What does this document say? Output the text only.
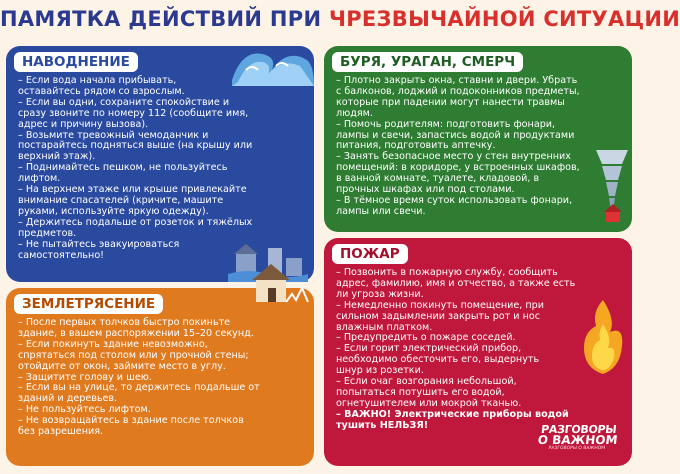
ПАМЯТКА ДЕЙСТВИЙ ПРИ ЧРЕЗВЫЧАЙНОЙ СИТУАЦИИ
НАВОДНЕНИЕ
– Если вода начала прибывать,
оставайтесь рядом со взрослым.
– Если вы одни, сохраните спокойствие и
сразу звоните по номеру 112 (сообщите имя,
адрес и причину вызова).
– Возьмите тревожный чемоданчик и
постарайтесь подняться выше (на крышу или
верхний этаж).
– Поднимайтесь пешком, не пользуйтесь
лифтом.
– На верхнем этаже или крыше привлекайте
внимание спасателей (кричите, машите
руками, используйте яркую одежду).
– Держитесь подальше от розеток и тяжёлых
предметов.
– Не пытайтесь эвакуироваться
самостоятельно!
БУРЯ, УРАГАН, СМЕРЧ
– Плотно закрыть окна, ставни и двери. Убрать
с балконов, лоджий и подоконников предметы,
которые при падении могут нанести травмы
людям.
– Помочь родителям: подготовить фонари,
лампы и свечи, запастись водой и продуктами
питания, подготовить аптечку.
– Занять безопасное место у стен внутренних
помещений: в коридоре, у встроенных шкафов,
в ванной комнате, туалете, кладовой, в
прочных шкафах или под столами.
– В тёмное время суток использовать фонари,
лампы или свечи.
ЗЕМЛЕТРЯСЕНИЕ
– После первых толчков быстро покиньте
здание, в вашем распоряжении 15–20 секунд.
– Если покинуть здание невозможно,
спрятаться под столом или у прочной стены;
отойдите от окон, займите место в углу.
– Защитите голову и шею.
– Если вы на улице, то держитесь подальше от
зданий и деревьев.
– Не пользуйтесь лифтом.
– Не возвращайтесь в здание после толчков
без разрешения.
ПОЖАР
– Позвонить в пожарную службу, сообщить
адрес, фамилию, имя и отчество, а также есть
ли угроза жизни.
– Немедленно покинуть помещение, при
сильном задымлении закрыть рот и нос
влажным платком.
– Предупредить о пожаре соседей.
– Если горит электрический прибор,
необходимо обесточить его, выдернуть
шнур из розетки.
– Если очаг возгорания небольшой,
попытаться потушить его водой,
огнетушителем или мокрой тканью.
– ВАЖНО! Электрические приборы водой
тушить НЕЛЬЗЯ!	РАЗГОВОРЫ
О ВАЖНОМ
РАЗГОВОРЫ О ВАЖНОМ
